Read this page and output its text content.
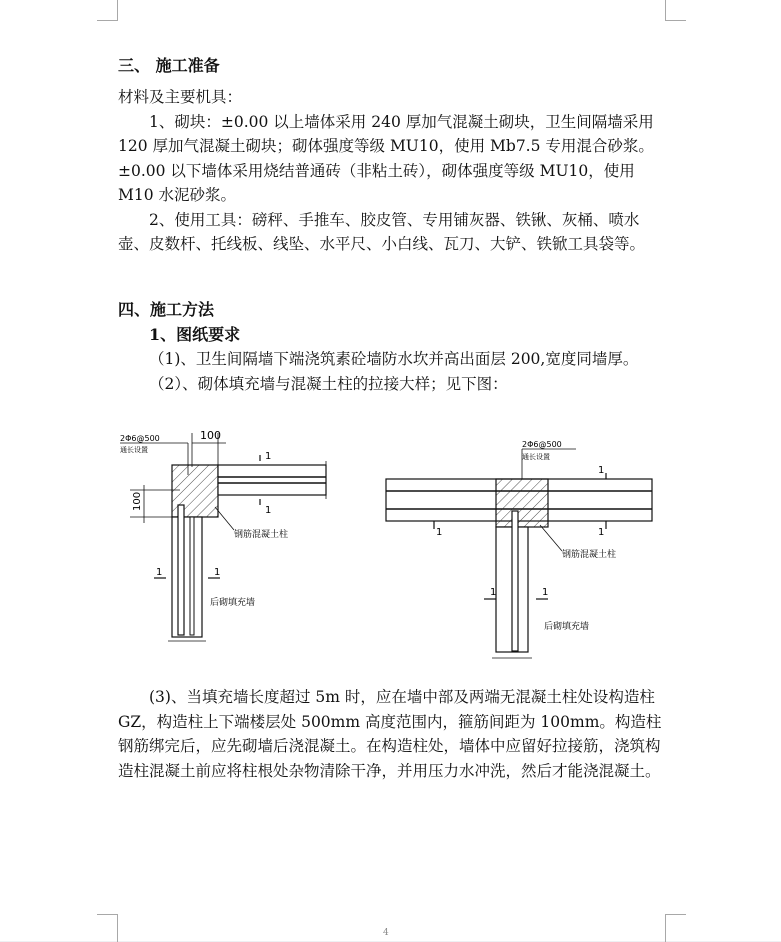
三、 施工准备

材料及主要机具：

1、砌块：±0.00 以上墙体采用 240 厚加气混凝土砌块，卫生间隔墙采用 120 厚加气混凝土砌块；砌体强度等级 MU10，使用 Mb7.5 专用混合砂浆。±0.00 以下墙体采用烧结普通砖（非粘土砖），砌体强度等级 MU10，使用 M10 水泥砂浆。

2、使用工具：磅秤、手推车、胶皮管、专用铺灰器、铁锹、灰桶、喷水壶、皮数杆、托线板、线坠、水平尺、小白线、瓦刀、大铲、铁锨工具袋等。

四、施工方法

1、图纸要求

（1)、卫生间隔墙下端浇筑素砼墙防水坎并高出面层 200,宽度同墙厚。

（2）、砌体填充墙与混凝土柱的拉接大样；见下图：

2Φ6@500
通长设置
100
100
1
1
1	1
钢筋混凝土柱
后砌填充墙
2Φ6@500
通长设置
1
1	1
1	1
钢筋混凝土柱
后砌填充墙

(3)、当填充墙长度超过 5m 时，应在墙中部及两端无混凝土柱处设构造柱 GZ，构造柱上下端楼层处 500mm 高度范围内，箍筋间距为 100mm。构造柱钢筋绑完后，应先砌墙后浇混凝土。在构造柱处，墙体中应留好拉接筋，浇筑构造柱混凝土前应将柱根处杂物清除干净，并用压力水冲洗，然后才能浇混凝土。

4
